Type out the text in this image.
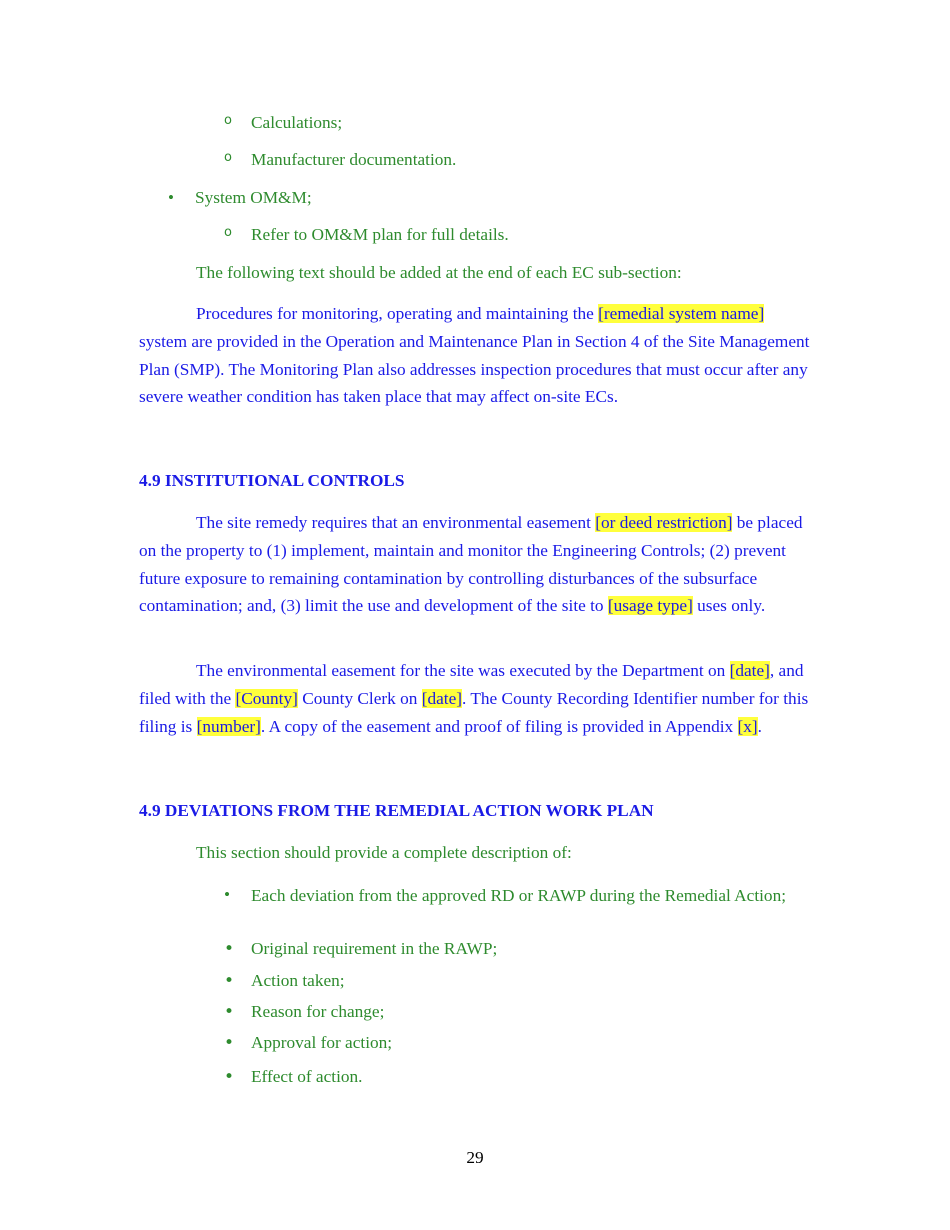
o Calculations;
o Manufacturer documentation.
• System OM&M;
o Refer to OM&M plan for full details.

The following text should be added at the end of each EC sub-section:

Procedures for monitoring, operating and maintaining the [remedial system name] system are provided in the Operation and Maintenance Plan in Section 4 of the Site Management Plan (SMP). The Monitoring Plan also addresses inspection procedures that must occur after any severe weather condition has taken place that may affect on-site ECs.

4.9 INSTITUTIONAL CONTROLS

The site remedy requires that an environmental easement [or deed restriction] be placed on the property to (1) implement, maintain and monitor the Engineering Controls; (2) prevent future exposure to remaining contamination by controlling disturbances of the subsurface contamination; and, (3) limit the use and development of the site to [usage type] uses only.

The environmental easement for the site was executed by the Department on [date], and filed with the [County] County Clerk on [date]. The County Recording Identifier number for this filing is [number]. A copy of the easement and proof of filing is provided in Appendix [x].

4.9 DEVIATIONS FROM THE REMEDIAL ACTION WORK PLAN

This section should provide a complete description of:

• Each deviation from the approved RD or RAWP during the Remedial Action;
• Original requirement in the RAWP;
• Action taken;
• Reason for change;
• Approval for action;
• Effect of action.
29
